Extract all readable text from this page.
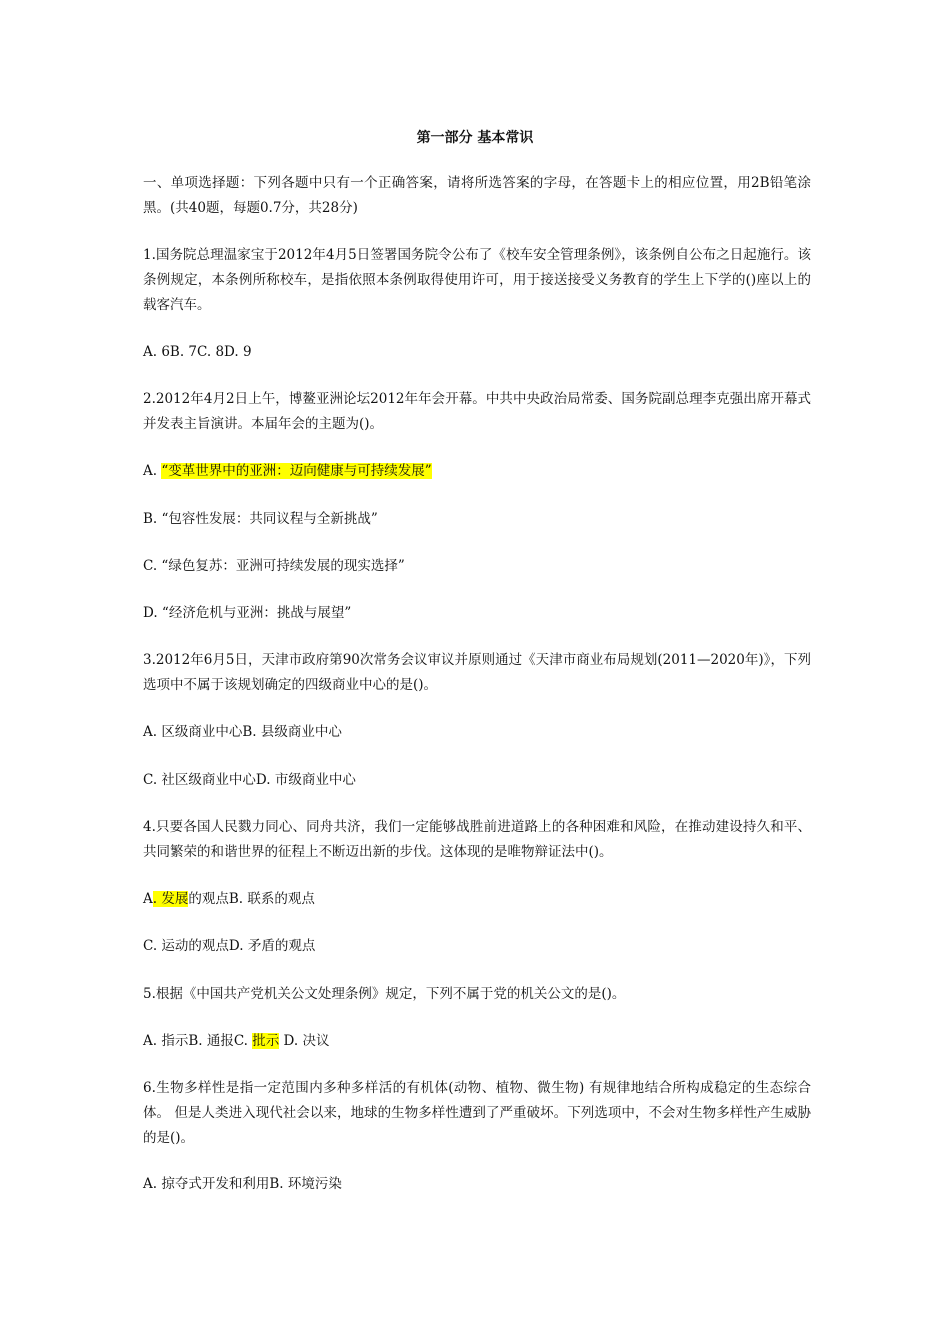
第一部分 基本常识
一、单项选择题：下列各题中只有一个正确答案，请将所选答案的字母，在答题卡上的相应位置，用2B铅笔涂黑。(共40题，每题0.7分，共28分)
1.国务院总理温家宝于2012年4月5日签署国务院令公布了《校车安全管理条例》，该条例自公布之日起施行。该条例规定，本条例所称校车，是指依照本条例取得使用许可，用于接送接受义务教育的学生上下学的()座以上的载客汽车。
A. 6B. 7C. 8D. 9
2.2012年4月2日上午，博鳌亚洲论坛2012年年会开幕。中共中央政治局常委、国务院副总理李克强出席开幕式并发表主旨演讲。本届年会的主题为()。
A. “变革世界中的亚洲：迈向健康与可持续发展”
B. “包容性发展：共同议程与全新挑战”
C. “绿色复苏：亚洲可持续发展的现实选择”
D. “经济危机与亚洲：挑战与展望”
3.2012年6月5日，天津市政府第90次常务会议审议并原则通过《天津市商业布局规划(2011—2020年)》，下列选项中不属于该规划确定的四级商业中心的是()。
A. 区级商业中心B. 县级商业中心
C. 社区级商业中心D. 市级商业中心
4.只要各国人民戮力同心、同舟共济，我们一定能够战胜前进道路上的各种困难和风险，在推动建设持久和平、共同繁荣的和谐世界的征程上不断迈出新的步伐。这体现的是唯物辩证法中()。
A. 发展的观点B. 联系的观点
C. 运动的观点D. 矛盾的观点
5.根据《中国共产党机关公文处理条例》规定，下列不属于党的机关公文的是()。
A. 指示B. 通报C. 批示 D. 决议
6.生物多样性是指一定范围内多种多样活的有机体(动物、植物、微生物) 有规律地结合所构成稳定的生态综合体。 但是人类进入现代社会以来，地球的生物多样性遭到了严重破坏。下列选项中，不会对生物多样性产生威胁的是()。
A. 掠夺式开发和利用B. 环境污染
